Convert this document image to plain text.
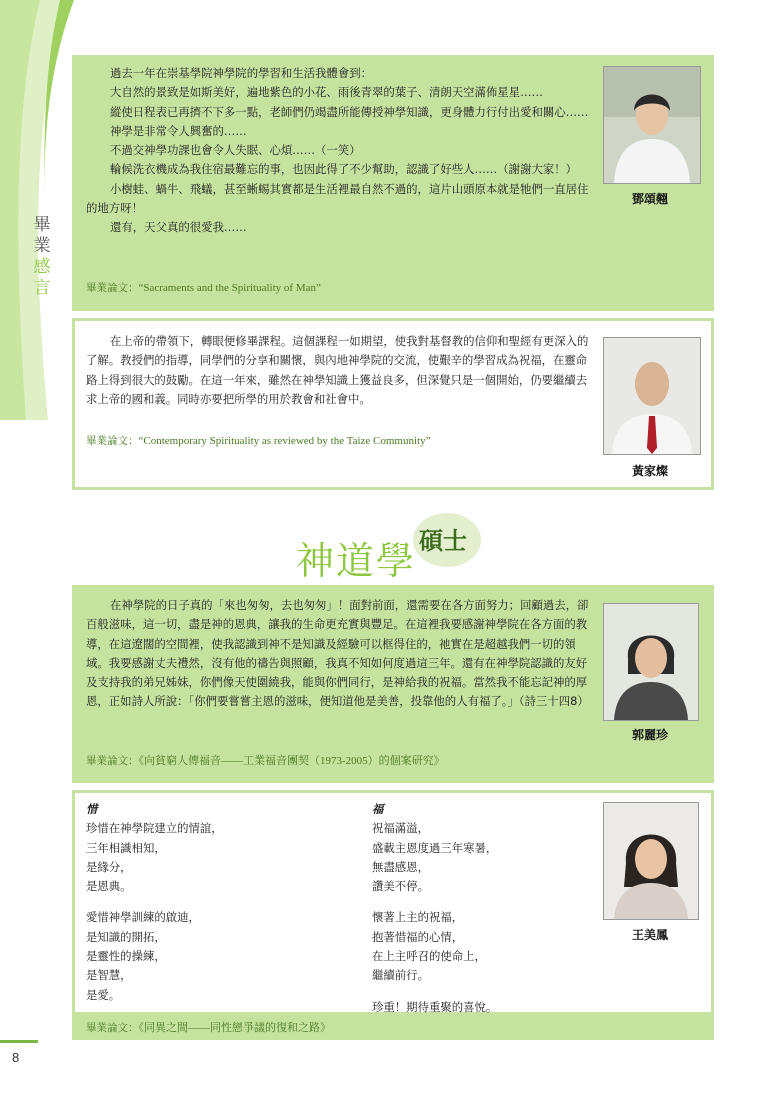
畢
業
感
言

過去一年在崇基學院神學院的學習和生活我體會到：

大自然的景致是如斯美好，遍地紫色的小花、雨後青翠的葉子、清朗天空滿佈星星……

縱使日程表已再擠不下多一點，老師們仍竭盡所能傳授神學知識，更身體力行付出愛和關心……

神學是非常令人興奮的……

不過交神學功課也會令人失眠、心煩……（一笑）

輪候洗衣機成為我住宿最難忘的事，也因此得了不少幫助，認識了好些人……（謝謝大家！）

小樹蛙、蝸牛、飛蟻，甚至蜥蜴其實都是生活裡最自然不過的，這片山頭原本就是牠們一直居住的地方呀！

還有，天父真的很愛我……

畢業論文：“Sacraments and the Spirituality of Man”
鄧頌翹

在上帝的帶領下，轉眼便修畢課程。這個課程一如期望，使我對基督教的信仰和聖經有更深入的了解。教授們的指導，同學們的分享和關懷，與內地神學院的交流，使艱辛的學習成為祝福，在靈命路上得到很大的鼓勵。在這一年來，雖然在神學知識上獲益良多，但深覺只是一個開始，仍要繼續去求上帝的國和義。同時亦要把所學的用於教會和社會中。

畢業論文：“Contemporary Spirituality as reviewed by the Taize Community”
黃家燦
神道學 碩士

在神學院的日子真的「來也匆匆，去也匆匆」！面對前面，還需要在各方面努力；回顧過去，卻百般滋味，這一切，盡是神的恩典，讓我的生命更充實與豐足。在這裡我要感謝神學院在各方面的教導，在這遼闊的空間裡，使我認識到神不是知識及經驗可以框得住的，祂實在是超越我們一切的領域。我要感謝丈夫禮然，沒有他的禱告與照顧，我真不知如何度過這三年。還有在神學院認識的友好及支持我的弟兄姊妹，你們像天使圍繞我，能與你們同行，是神給我的祝福。當然我不能忘記神的厚恩，正如詩人所說：「你們要嘗嘗主恩的滋味，便知道他是美善，投靠他的人有福了。」（詩三十四8）

畢業論文：《向貧窮人傳福音——工業福音團契（1973-2005）的個案研究》
郭麗珍

惜

珍惜在神學院建立的情誼，

三年相識相知，

是緣分，

是恩典。

愛惜神學訓練的啟迪，

是知識的開拓，

是靈性的操練，

是智慧，

是愛。

福

祝福滿溢，

盛載主恩度過三年寒暑，

無盡感恩，

讚美不停。

懷著上主的祝福，

抱著惜福的心情，

在上主呼召的使命上，

繼續前行。

珍重！期待重聚的喜悅。

畢業論文：《同異之間——同性戀爭議的復和之路》
王美鳳
8
